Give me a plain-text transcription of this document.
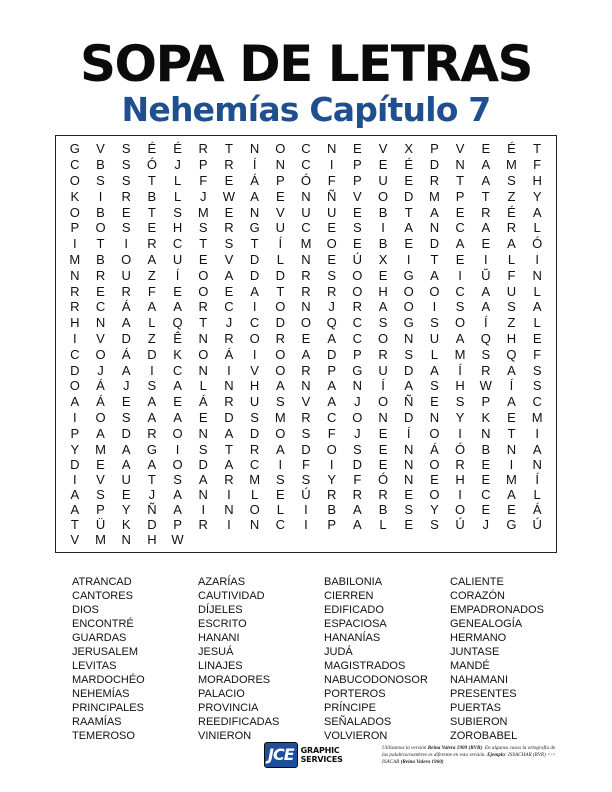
SOPA DE LETRAS
Nehemías Capítulo 7
G	V	S	É	É	R	T	N	O	C	N	E	V	X	P	V	E	É	T
C	B	S	Ó	J	P	R	Í	N	C	I	P	E	É	D	N	A	M	F
O	S	S	T	L	F	E	Á	P	Ó	F	P	U	E	R	T	A	S	H
K	I	R	B	L	J	W	A	E	N	Ñ	V	O	D	M	P	T	Z	Y
O	B	E	T	S	M	E	N	V	U	U	E	B	T	A	E	R	É	A
P	O	S	E	H	S	R	G	U	C	E	S	I	A	N	C	A	R	L
I	T	I	R	C	T	S	T	Í	M	O	E	B	E	D	A	E	A	Ó
M	B	O	A	U	E	V	D	L	N	E	Ú	X	I	T	E	I	L	I
N	R	U	Z	Í	O	A	D	D	R	S	O	E	G	A	I	Ŭ	F	N
R	E	R	F	E	O	E	A	T	R	R	O	H	O	O	C	A	U	L
R	C	Á	A	A	R	C	I	O	N	J	R	A	O	I	S	A	S	A
H	N	A	L	Q	T	J	C	D	O	Q	C	S	G	S	O	Í	Z	L
I	V	D	Z	Ê	N	R	O	R	E	A	C	O	N	U	A	Q	H	E
C	O	Á	D	K	O	Á	I	O	A	D	P	R	S	L	M	S	Q	F
D	J	A	I	C	N	I	V	O	R	P	G	U	D	A	Í	R	A	S
O	Á	J	S	A	L	N	H	A	N	A	N	Í	A	S	H	W	Í	S
A	Á	E	A	E	Á	R	U	S	V	A	J	O	Ñ	E	S	P	A	C
I	O	S	A	A	E	D	S	M	R	C	O	N	D	N	Y	K	E	M
P	A	D	R	O	N	A	D	O	S	F	J	E	Í	O	I	N	T	I
Y	M	A	G	I	S	T	R	A	D	O	S	E	N	Á	Ó	B	N	A
D	E	A	A	O	D	A	C	I	F	I	D	E	N	O	R	E	I	N
I	V	U	T	S	A	R	M	S	S	Y	F	Ó	N	E	H	E	M	Í
A	S	E	J	A	N	I	L	E	Ú	R	R	R	E	O	I	C	A	L
A	P	Y	Ñ	A	I	N	O	L	I	B	A	B	S	Y	O	E	E	Á
T	Ü	K	D	P	R	I	N	C	I	P	A	L	E	S	Ú	J	G	Ú
V	M	N	H	W
ATRANCAD
CANTORES
DIOS
ENCONTRÉ
GUARDAS
JERUSALEM
LEVITAS
MARDOCHÉO
NEHEMÍAS
PRINCIPALES
RAAMÍAS
TEMEROSO
AZARÍAS
CAUTIVIDAD
DÍJELES
ESCRITO
HANANI
JESUÁ
LINAJES
MORADORES
PALACIO
PROVINCIA
REEDIFICADAS
VINIERON
BABILONIA
CIERREN
EDIFICADO
ESPACIOSA
HANANÍAS
JUDÁ
MAGISTRADOS
NABUCODONOSOR
PORTEROS
PRÍNCIPE
SEÑALADOS
VOLVIERON
CALIENTE
CORAZÓN
EMPADRONADOS
GENEALOGÍA
HERMANO
JUNTASE
MANDÉ
NAHAMANI
PRESENTES
PUERTAS
SUBIERON
ZOROBABEL
JCE GRAPHIC
SERVICES
Utilizamos la versión Reina Valera 1909 (RVR). En algunos casos la ortografía de las palabras/nombres es diferente en esta versión. Ejemplo: ISSACHAR (RVR) <-> ISACAR (Reina Valera 1960)
